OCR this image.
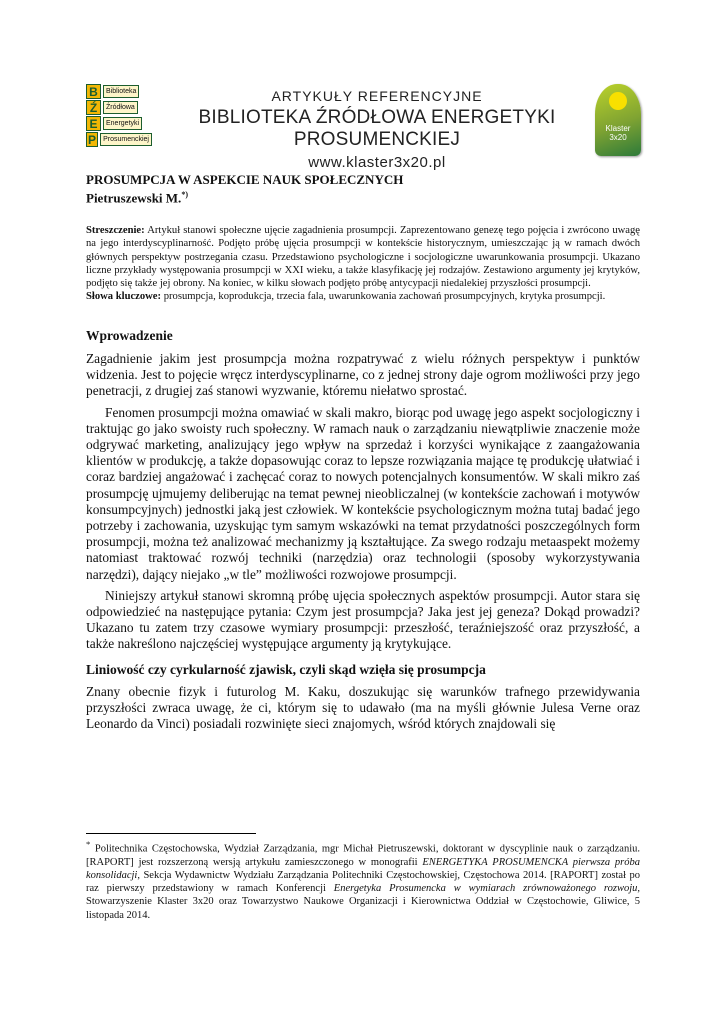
B	Biblioteka
Ź	Źródłowa
E	Energetyki
P	Prosumenckiej
ARTYKUŁY REFERENCYJNE
BIBLIOTEKA ŹRÓDŁOWA ENERGETYKI PROSUMENCKIEJ
www.klaster3x20.pl
Klaster
3x20
PROSUMPCJA W ASPEKCIE NAUK SPOŁECZNYCH
Pietruszewski M.*)
Streszczenie: Artykuł stanowi społeczne ujęcie zagadnienia prosumpcji. Zaprezentowano genezę tego pojęcia i zwrócono uwagę na jego interdyscyplinarność. Podjęto próbę ujęcia prosumpcji w kontekście historycznym, umieszczając ją w ramach dwóch głównych perspektyw postrzegania czasu. Przedstawiono psychologiczne i socjologiczne uwarunkowania prosumpcji. Ukazano liczne przykłady występowania prosumpcji w XXI wieku, a także klasyfikację jej rodzajów. Zestawiono argumenty jej krytyków, podjęto się także jej obrony. Na koniec, w kilku słowach podjęto próbę antycypacji niedalekiej przyszłości prosumpcji.
Słowa kluczowe: prosumpcja, koprodukcja, trzecia fala, uwarunkowania zachowań prosumpcyjnych, krytyka prosumpcji.
Wprowadzenie

Zagadnienie jakim jest prosumpcja można rozpatrywać z wielu różnych perspektyw i punktów widzenia. Jest to pojęcie wręcz interdyscyplinarne, co z jednej strony daje ogrom możliwości przy jego penetracji, z drugiej zaś stanowi wyzwanie, któremu niełatwo sprostać.

Fenomen prosumpcji można omawiać w skali makro, biorąc pod uwagę jego aspekt socjologiczny i traktując go jako swoisty ruch społeczny. W ramach nauk o zarządzaniu niewątpliwie znaczenie może odgrywać marketing, analizujący jego wpływ na sprzedaż i korzyści wynikające z zaangażowania klientów w produkcję, a także dopasowując coraz to lepsze rozwiązania mające tę produkcję ułatwiać i coraz bardziej angażować i zachęcać coraz to nowych potencjalnych konsumentów. W skali mikro zaś prosumpcję ujmujemy deliberując na temat pewnej nieobliczalnej (w kontekście zachowań i motywów konsumpcyjnych) jednostki jaką jest człowiek. W kontekście psychologicznym można tutaj badać jego potrzeby i zachowania, uzyskując tym samym wskazówki na temat przydatności poszczególnych form prosumpcji, można też analizować mechanizmy ją kształtujące. Za swego rodzaju metaaspekt możemy natomiast traktować rozwój techniki (narzędzia) oraz technologii (sposoby wykorzystywania narzędzi), dający niejako „w tle” możliwości rozwojowe prosumpcji.

Niniejszy artykuł stanowi skromną próbę ujęcia społecznych aspektów prosumpcji. Autor stara się odpowiedzieć na następujące pytania: Czym jest prosumpcja? Jaka jest jej geneza? Dokąd prowadzi? Ukazano tu zatem trzy czasowe wymiary prosumpcji: przeszłość, teraźniejszość oraz przyszłość, a także nakreślono najczęściej występujące argumenty ją krytykujące.

Liniowość czy cyrkularność zjawisk, czyli skąd wzięła się prosumpcja

Znany obecnie fizyk i futurolog M. Kaku, doszukując się warunków trafnego przewidywania przyszłości zwraca uwagę, że ci, którym się to udawało (ma na myśli głównie Julesa Verne oraz Leonardo da Vinci) posiadali rozwinięte sieci znajomych, wśród których znajdowali się

* Politechnika Częstochowska, Wydział Zarządzania, mgr Michał Pietruszewski, doktorant w dyscyplinie nauk o zarządzaniu. [RAPORT] jest rozszerzoną wersją artykułu zamieszczonego w monografii ENERGETYKA PROSUMENCKA pierwsza próba konsolidacji, Sekcja Wydawnictw Wydziału Zarządzania Politechniki Częstochowskiej, Częstochowa 2014. [RAPORT] został po raz pierwszy przedstawiony w ramach Konferencji Energetyka Prosumencka w wymiarach zrównoważonego rozwoju, Stowarzyszenie Klaster 3x20 oraz Towarzystwo Naukowe Organizacji i Kierownictwa Oddział w Częstochowie, Gliwice, 5 listopada 2014.
